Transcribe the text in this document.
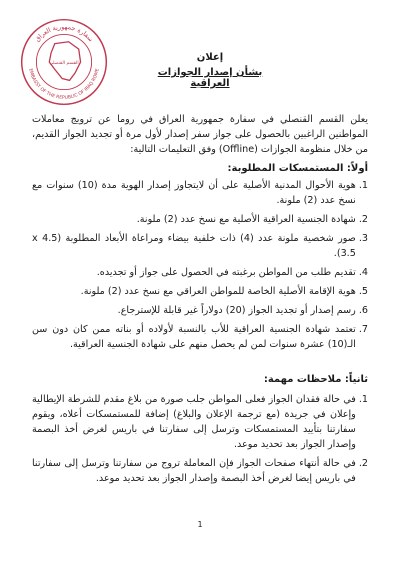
سفارة جمهورية العراق
EMBASSY OF THE REPUBLIC OF IRAQ ROME
القسم القنصلي
إعلان
بشأن إصدار الجوازات العراقية
يعلن القسم القنصلي في سفارة جمهورية العراق في روما عن ترويج معاملات المواطنين الراغبين بالحصول على جواز سفر إصدار لأول مرة أو تجديد الجواز القديم، من خلال منظومة الجوازات (Offline) وفق التعليمات التالية:
أولاً: المستمسكات المطلوبة:
1.
هوية الأحوال المدنية الأصلية على أن لايتجاوز إصدار الهوية مدة (10) سنوات مع نسخ عدد (2) ملونة.
2.
شهادة الجنسية العراقية الأصلية مع نسخ عدد (2) ملونة.
3.
صور شخصية ملونة عدد (4) ذات خلفية بيضاء ومراعاة الأبعاد المطلوبة (4.5 x 3.5).
4.
تقديم طلب من المواطن برغبته في الحصول على جواز أو تجديده.
5.
هوية الإقامة الأصلية الخاصة للمواطن العراقي مع نسخ عدد (2) ملونة.
6.
رسم إصدار أو تجديد الجواز (20) دولاراً غير قابلة للإسترجاع.
7.
تعتمد شهادة الجنسية العراقية للأب بالنسبة لأولاده أو بناته ممن كان دون سن الـ(10) عشرة سنوات لمن لم يحصل منهم على شهادة الجنسية العراقية.
ثانياً: ملاحظات مهمة:
1.
في حالة فقدان الجواز فعلى المواطن جلب صورة من بلاغ مقدم للشرطة الإيطالية وإعلان في جريدة (مع ترجمة الإعلان والبلاغ) إضافة للمستمسكات أعلاه، ويقوم سفارتنا بتأييد المستمسكات وترسل إلى سفارتنا في باريس لغرض أخذ البصمة وإصدار الجواز بعد تحديد موعد.
2.
في حالة أنتهاء صفحات الجواز فإن المعاملة تروج من سفارتنا وترسل إلى سفارتنا في باريس إيضا لغرض أخذ البصمة وإصدار الجواز بعد تحديد موعد.
1
